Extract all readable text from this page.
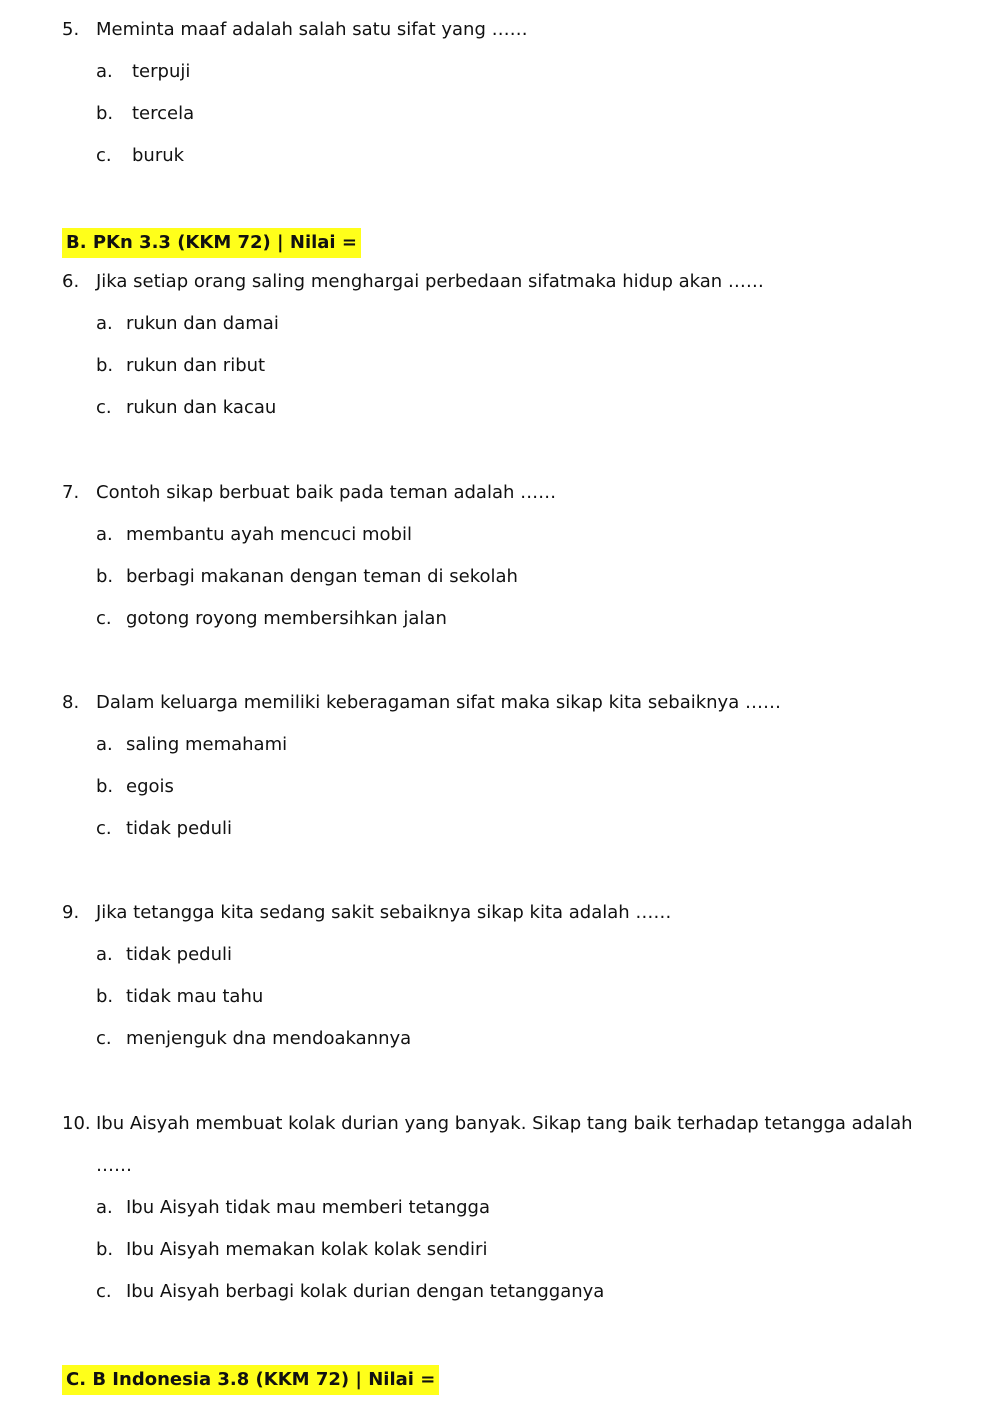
5. Meminta maaf adalah salah satu sifat yang ……
a. terpuji
b. tercela
c. buruk
6. Jika setiap orang saling menghargai perbedaan sifatmaka hidup akan ……
a. rukun dan damai
b. rukun dan ribut
c. rukun dan kacau
7. Contoh sikap berbuat baik pada teman adalah ……
a. membantu ayah mencuci mobil
b. berbagi makanan dengan teman di sekolah
c. gotong royong membersihkan jalan
8. Dalam keluarga memiliki keberagaman sifat maka sikap kita sebaiknya ……
a. saling memahami
b. egois
c. tidak peduli
9. Jika tetangga kita sedang sakit sebaiknya sikap kita adalah ……
a. tidak peduli
b. tidak mau tahu
c. menjenguk dna mendoakannya
10. Ibu Aisyah membuat kolak durian yang banyak. Sikap tang baik terhadap tetangga adalah
……
a. Ibu Aisyah tidak mau memberi tetangga
b. Ibu Aisyah memakan kolak kolak sendiri
c. Ibu Aisyah berbagi kolak durian dengan tetangganya
B. PKn 3.3 (KKM 72) | Nilai =
C. B Indonesia 3.8 (KKM 72) | Nilai =
